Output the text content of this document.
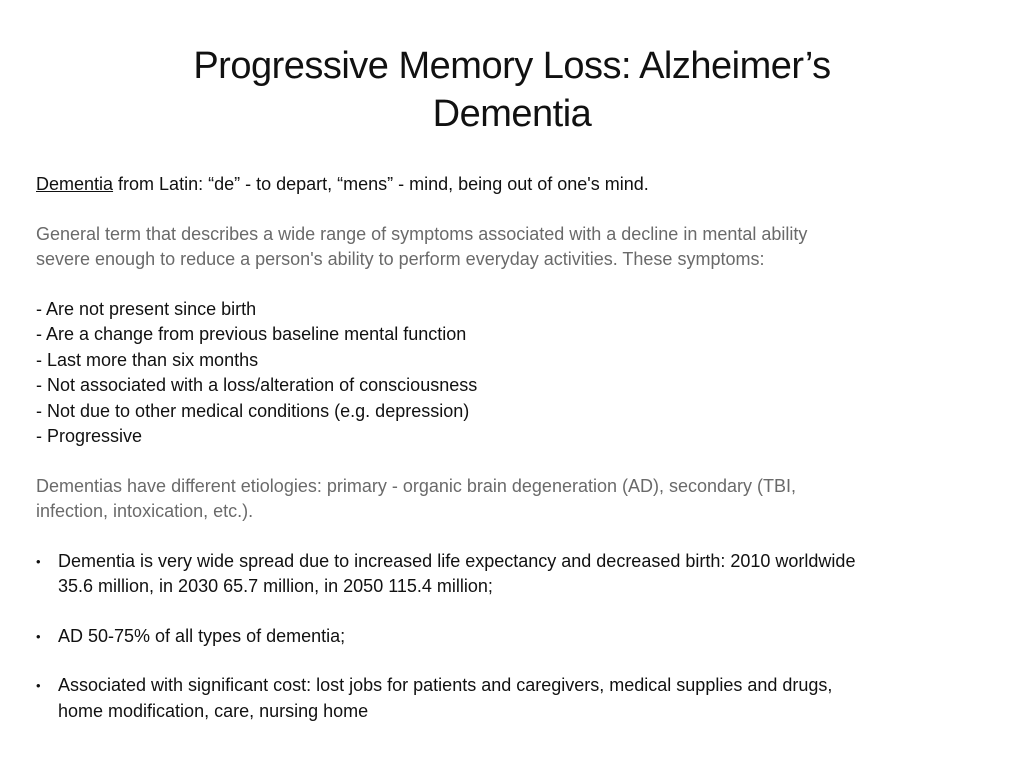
Progressive Memory Loss: Alzheimer’s
Dementia

Dementia from Latin: “de” - to depart, “mens” - mind, being out of one's mind.

General term that describes a wide range of symptoms associated with a decline in mental ability
severe enough to reduce a person's ability to perform everyday activities. These symptoms:

- Are not present since birth

- Are a change from previous baseline mental function

- Last more than six months

- Not associated with a loss/alteration of consciousness

- Not due to other medical conditions (e.g. depression)

- Progressive

Dementias have different etiologies: primary - organic brain degeneration (AD), secondary (TBI,
infection, intoxication, etc.).

• Dementia is very wide spread due to increased life expectancy and decreased birth: 2010 worldwide
35.6 million, in 2030 65.7 million, in 2050 115.4 million;
• AD 50-75% of all types of dementia;
• Associated with significant cost: lost jobs for patients and caregivers, medical supplies and drugs,
home modification, care, nursing home
